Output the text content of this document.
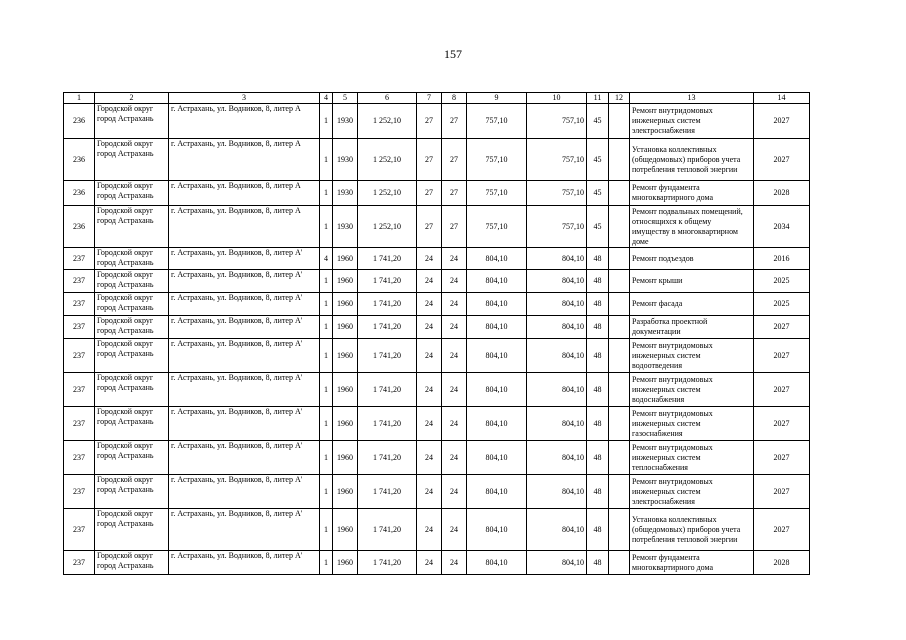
157
1	2	3	4	5	6	7	8	9	10	11	12	13	14
236	Городской округ город Астрахань	г. Астрахань, ул. Водников, 8, литер А	1	1930	1 252,10	27	27	757,10	757,10	45		Ремонт внутридомовых инженерных систем электроснабжения	2027
236	Городской округ город Астрахань	г. Астрахань, ул. Водников, 8, литер А	1	1930	1 252,10	27	27	757,10	757,10	45		Установка коллективных (общедомовых) приборов учета потребления тепловой энергии	2027
236	Городской округ город Астрахань	г. Астрахань, ул. Водников, 8, литер А	1	1930	1 252,10	27	27	757,10	757,10	45		Ремонт фундамента многоквартирного дома	2028
236	Городской округ город Астрахань	г. Астрахань, ул. Водников, 8, литер А	1	1930	1 252,10	27	27	757,10	757,10	45		Ремонт подвальных помещений, относящихся к общему имуществу в многоквартирном доме	2034
237	Городской округ город Астрахань	г. Астрахань, ул. Водников, 8, литер А'	4	1960	1 741,20	24	24	804,10	804,10	48		Ремонт подъездов	2016
237	Городской округ город Астрахань	г. Астрахань, ул. Водников, 8, литер А'	1	1960	1 741,20	24	24	804,10	804,10	48		Ремонт крыши	2025
237	Городской округ город Астрахань	г. Астрахань, ул. Водников, 8, литер А'	1	1960	1 741,20	24	24	804,10	804,10	48		Ремонт фасада	2025
237	Городской округ город Астрахань	г. Астрахань, ул. Водников, 8, литер А'	1	1960	1 741,20	24	24	804,10	804,10	48		Разработка проектной документации	2027
237	Городской округ город Астрахань	г. Астрахань, ул. Водников, 8, литер А'	1	1960	1 741,20	24	24	804,10	804,10	48		Ремонт внутридомовых инженерных систем водоотведения	2027
237	Городской округ город Астрахань	г. Астрахань, ул. Водников, 8, литер А'	1	1960	1 741,20	24	24	804,10	804,10	48		Ремонт внутридомовых инженерных систем водоснабжения	2027
237	Городской округ город Астрахань	г. Астрахань, ул. Водников, 8, литер А'	1	1960	1 741,20	24	24	804,10	804,10	48		Ремонт внутридомовых инженерных систем газоснабжения	2027
237	Городской округ город Астрахань	г. Астрахань, ул. Водников, 8, литер А'	1	1960	1 741,20	24	24	804,10	804,10	48		Ремонт внутридомовых инженерных систем теплоснабжения	2027
237	Городской округ город Астрахань	г. Астрахань, ул. Водников, 8, литер А'	1	1960	1 741,20	24	24	804,10	804,10	48		Ремонт внутридомовых инженерных систем электроснабжения	2027
237	Городской округ город Астрахань	г. Астрахань, ул. Водников, 8, литер А'	1	1960	1 741,20	24	24	804,10	804,10	48		Установка коллективных (общедомовых) приборов учета потребления тепловой энергии	2027
237	Городской округ город Астрахань	г. Астрахань, ул. Водников, 8, литер А'	1	1960	1 741,20	24	24	804,10	804,10	48		Ремонт фундамента многоквартирного дома	2028
